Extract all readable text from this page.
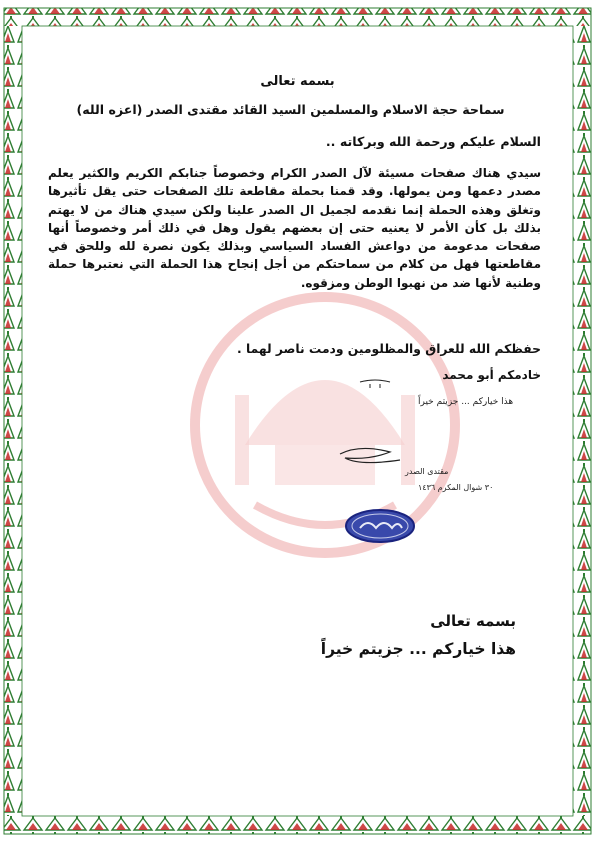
بسمه تعالى
سماحة حجة الاسلام والمسلمين السيد القائد مقتدى الصدر (اعزه الله)
السلام عليكم ورحمة الله وبركاته ..
سيدي هناك صفحات مسيئة لآل الصدر الكرام وخصوصاً جنابكم الكريم والكثير يعلم مصدر دعمها ومن يمولها. وقد قمنا بحملة مقاطعة تلك الصفحات حتى يقل تأثيرها وتغلق وهذه الحملة إنما نقدمه لجميل ال الصدر علينا ولكن سيدي هناك من لا يهتم بذلك بل كأن الأمر لا يعنيه حتى إن بعضهم يقول وهل في ذلك أمر وخصوصاً أنها صفحات مدعومة من دواعش الفساد السياسي وبذلك يكون نصرة لله وللحق في مقاطعتها فهل من كلام من سماحتكم من أجل إنجاح هذا الحملة التي نعتبرها حملة وطنية لأنها ضد من نهبوا الوطن ومزقوه.
حفظكم الله للعراق والمظلومين ودمت ناصر لهما .
خادمكم أبو محمد
هذا خياركم ... جزيتم خيراً
مقتدى الصدر
٣٠ شوال المكرم ١٤٣٦
بسمه تعالى
هذا خياركم ... جزيتم خيراً
